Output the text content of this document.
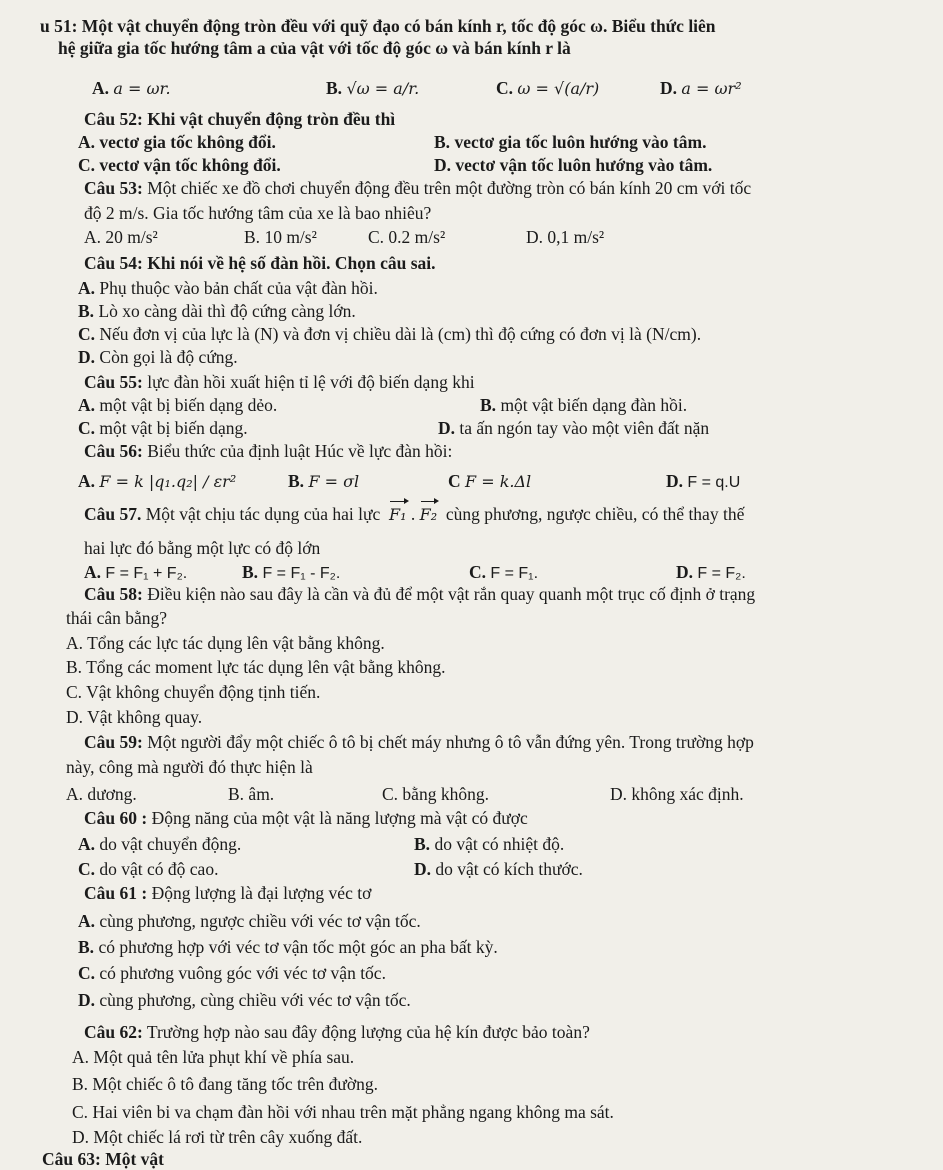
u 51: Một vật chuyển động tròn đều với quỹ đạo có bán kính r, tốc độ góc ω. Biểu thức liên
hệ giữa gia tốc hướng tâm a của vật với tốc độ góc ω và bán kính r là
A. a = ωr.	B. √ω = a/r.	C. ω = √(a/r)	D. a = ωr²
Câu 52: Khi vật chuyển động tròn đều thì
A. vectơ gia tốc không đổi.	B. vectơ gia tốc luôn hướng vào tâm.
C. vectơ vận tốc không đổi.	D. vectơ vận tốc luôn hướng vào tâm.
Câu 53: Một chiếc xe đồ chơi chuyển động đều trên một đường tròn có bán kính 20 cm với tốc
độ 2 m/s. Gia tốc hướng tâm của xe là bao nhiêu?
A. 20 m/s²	B. 10 m/s²	C. 0.2 m/s²	D. 0,1 m/s²
Câu 54: Khi nói về hệ số đàn hồi. Chọn câu sai.
A. Phụ thuộc vào bản chất của vật đàn hồi.
B. Lò xo càng dài thì độ cứng càng lớn.
C. Nếu đơn vị của lực là (N) và đơn vị chiều dài là (cm) thì độ cứng có đơn vị là (N/cm).
D. Còn gọi là độ cứng.
Câu 55: lực đàn hồi xuất hiện tỉ lệ với độ biến dạng khi
A. một vật bị biến dạng dẻo.	B. một vật biến dạng đàn hồi.
C. một vật bị biến dạng.	D. ta ấn ngón tay vào một viên đất nặn
Câu 56: Biểu thức của định luật Húc về lực đàn hồi:
A. F = k |q₁.q₂| / εr²	B. F = σl	C F = k.Δl	D. F = q.U
Câu 57. Một vật chịu tác dụng của hai lực F₁ . F₂ cùng phương, ngược chiều, có thể thay thế
hai lực đó bằng một lực có độ lớn
A. F = F₁ + F₂.	B. F = F₁ - F₂.	C. F = F₁.	D. F = F₂.
Câu 58: Điều kiện nào sau đây là cần và đủ để một vật rắn quay quanh một trục cố định ở trạng
thái cân bằng?
A. Tổng các lực tác dụng lên vật bằng không.
B. Tổng các moment lực tác dụng lên vật bằng không.
C. Vật không chuyển động tịnh tiến.
D. Vật không quay.
Câu 59: Một người đẩy một chiếc ô tô bị chết máy nhưng ô tô vẫn đứng yên. Trong trường hợp
này, công mà người đó thực hiện là
A. dương.	B. âm.	C. bằng không.	D. không xác định.
Câu 60 : Động năng của một vật là năng lượng mà vật có được
A. do vật chuyển động.	B. do vật có nhiệt độ.
C. do vật có độ cao.	D. do vật có kích thước.
Câu 61 : Động lượng là đại lượng véc tơ
A. cùng phương, ngược chiều với véc tơ vận tốc.
B. có phương hợp với véc tơ vận tốc một góc an pha bất kỳ.
C. có phương vuông góc với véc tơ vận tốc.
D. cùng phương, cùng chiều với véc tơ vận tốc.
Câu 62: Trường hợp nào sau đây động lượng của hệ kín được bảo toàn?
A. Một quả tên lửa phụt khí về phía sau.
B. Một chiếc ô tô đang tăng tốc trên đường.
C. Hai viên bi va chạm đàn hồi với nhau trên mặt phẳng ngang không ma sát.
D. Một chiếc lá rơi từ trên cây xuống đất.
Câu 63: Một vật
